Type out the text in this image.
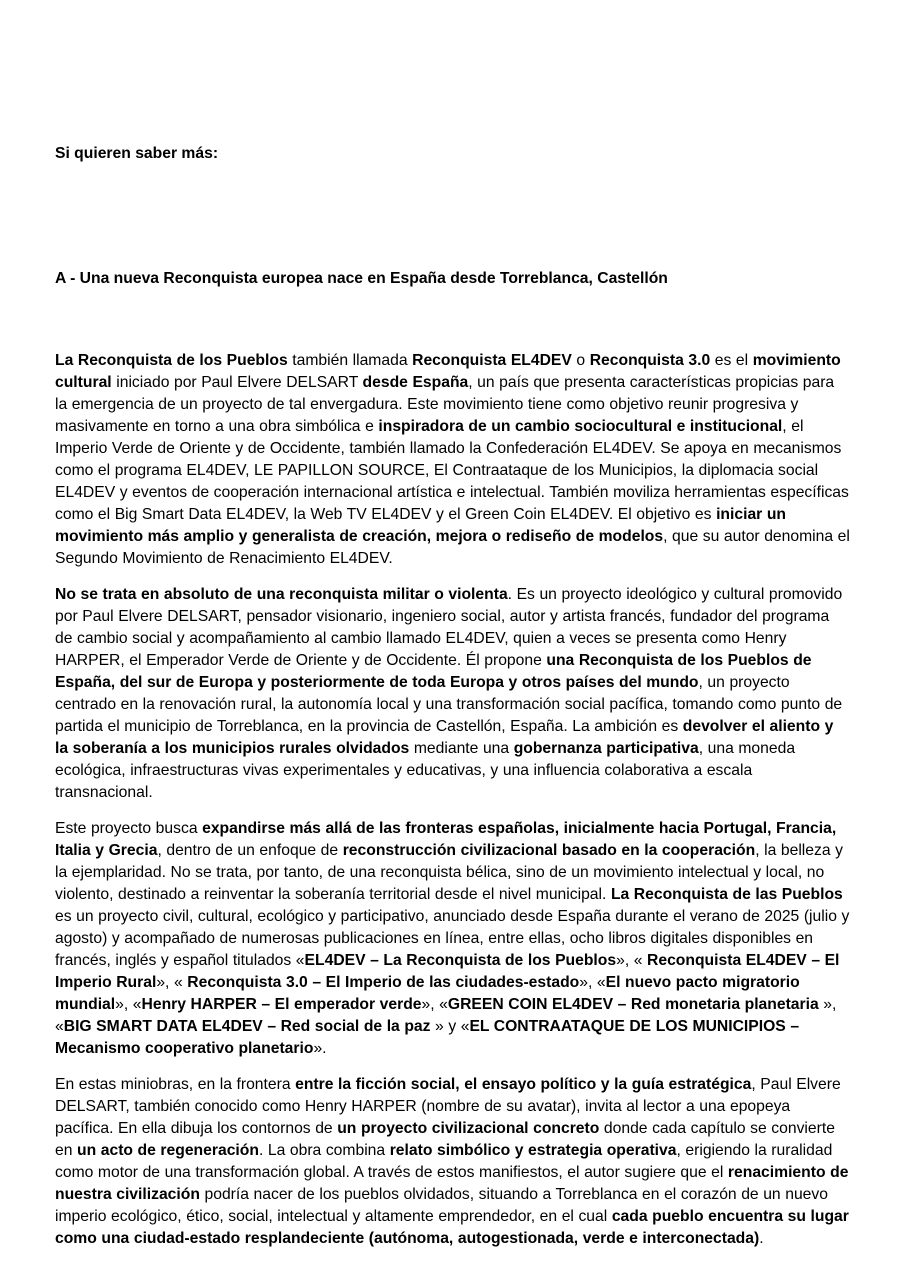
Si quieren saber más:
A - Una nueva Reconquista europea nace en España desde Torreblanca, Castellón

La Reconquista de los Pueblos también llamada Reconquista EL4DEV o Reconquista 3.0 es el movimiento cultural iniciado por Paul Elvere DELSART desde España, un país que presenta características propicias para la emergencia de un proyecto de tal envergadura. Este movimiento tiene como objetivo reunir progresiva y masivamente en torno a una obra simbólica e inspiradora de un cambio sociocultural e institucional, el Imperio Verde de Oriente y de Occidente, también llamado la Confederación EL4DEV. Se apoya en mecanismos como el programa EL4DEV, LE PAPILLON SOURCE, El Contraataque de los Municipios, la diplomacia social EL4DEV y eventos de cooperación internacional artística e intelectual. También moviliza herramientas específicas como el Big Smart Data EL4DEV, la Web TV EL4DEV y el Green Coin EL4DEV. El objetivo es iniciar un movimiento más amplio y generalista de creación, mejora o rediseño de modelos, que su autor denomina el Segundo Movimiento de Renacimiento EL4DEV.

No se trata en absoluto de una reconquista militar o violenta. Es un proyecto ideológico y cultural promovido por Paul Elvere DELSART, pensador visionario, ingeniero social, autor y artista francés, fundador del programa de cambio social y acompañamiento al cambio llamado EL4DEV, quien a veces se presenta como Henry HARPER, el Emperador Verde de Oriente y de Occidente. Él propone una Reconquista de los Pueblos de España, del sur de Europa y posteriormente de toda Europa y otros países del mundo, un proyecto centrado en la renovación rural, la autonomía local y una transformación social pacífica, tomando como punto de partida el municipio de Torreblanca, en la provincia de Castellón, España. La ambición es devolver el aliento y la soberanía a los municipios rurales olvidados mediante una gobernanza participativa, una moneda ecológica, infraestructuras vivas experimentales y educativas, y una influencia colaborativa a escala transnacional.

Este proyecto busca expandirse más allá de las fronteras españolas, inicialmente hacia Portugal, Francia, Italia y Grecia, dentro de un enfoque de reconstrucción civilizacional basado en la cooperación, la belleza y la ejemplaridad. No se trata, por tanto, de una reconquista bélica, sino de un movimiento intelectual y local, no violento, destinado a reinventar la soberanía territorial desde el nivel municipal. La Reconquista de las Pueblos es un proyecto civil, cultural, ecológico y participativo, anunciado desde España durante el verano de 2025 (julio y agosto) y acompañado de numerosas publicaciones en línea, entre ellas, ocho libros digitales disponibles en francés, inglés y español titulados «EL4DEV – La Reconquista de los Pueblos», « Reconquista EL4DEV – El Imperio Rural», « Reconquista 3.0 – El Imperio de las ciudades-estado», «El nuevo pacto migratorio mundial», «Henry HARPER – El emperador verde», «GREEN COIN EL4DEV – Red monetaria planetaria », «BIG SMART DATA EL4DEV – Red social de la paz » y «EL CONTRAATAQUE DE LOS MUNICIPIOS – Mecanismo cooperativo planetario».

En estas miniobras, en la frontera entre la ficción social, el ensayo político y la guía estratégica, Paul Elvere DELSART, también conocido como Henry HARPER (nombre de su avatar), invita al lector a una epopeya pacífica. En ella dibuja los contornos de un proyecto civilizacional concreto donde cada capítulo se convierte en un acto de regeneración. La obra combina relato simbólico y estrategia operativa, erigiendo la ruralidad como motor de una transformación global. A través de estos manifiestos, el autor sugiere que el renacimiento de nuestra civilización podría nacer de los pueblos olvidados, situando a Torreblanca en el corazón de un nuevo imperio ecológico, ético, social, intelectual y altamente emprendedor, en el cual cada pueblo encuentra su lugar como una ciudad-estado resplandeciente (autónoma, autogestionada, verde e interconectada).
